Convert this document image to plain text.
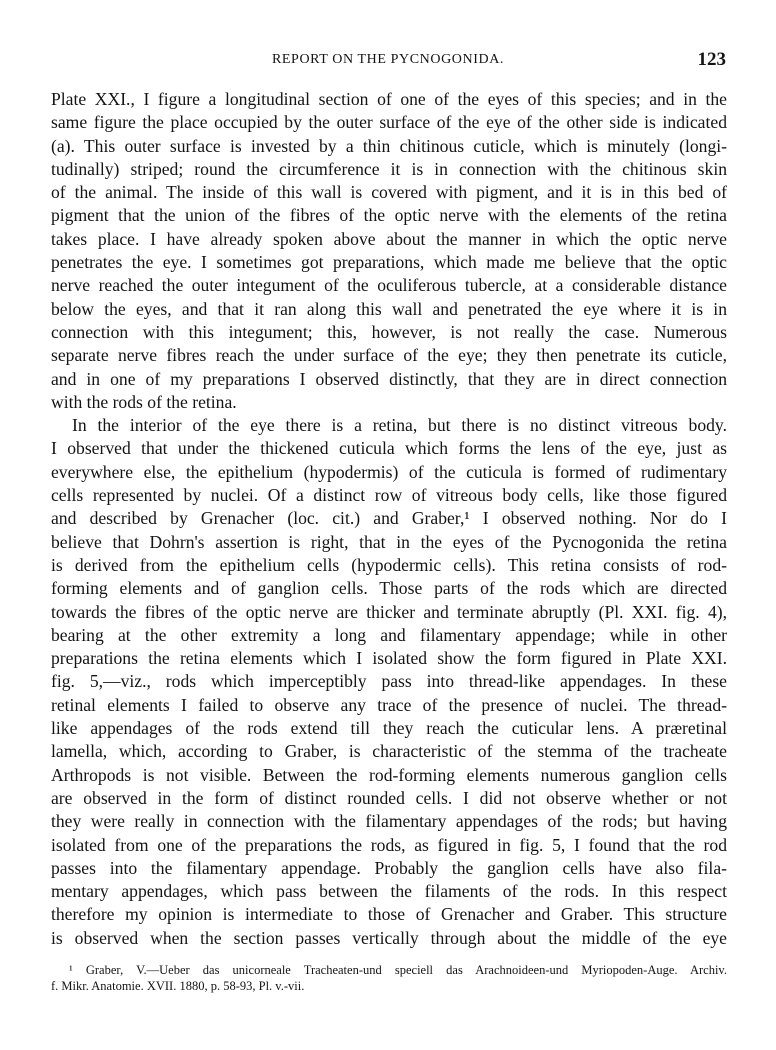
REPORT ON THE PYCNOGONIDA.	123
Plate XXI., I figure a longitudinal section of one of the eyes of this species; and in the
same figure the place occupied by the outer surface of the eye of the other side is indicated
(a). This outer surface is invested by a thin chitinous cuticle, which is minutely (longi-
tudinally) striped; round the circumference it is in connection with the chitinous skin
of the animal. The inside of this wall is covered with pigment, and it is in this bed of
pigment that the union of the fibres of the optic nerve with the elements of the retina
takes place. I have already spoken above about the manner in which the optic nerve
penetrates the eye. I sometimes got preparations, which made me believe that the optic
nerve reached the outer integument of the oculiferous tubercle, at a considerable distance
below the eyes, and that it ran along this wall and penetrated the eye where it is in
connection with this integument; this, however, is not really the case. Numerous
separate nerve fibres reach the under surface of the eye; they then penetrate its cuticle,
and in one of my preparations I observed distinctly, that they are in direct connection
with the rods of the retina.
In the interior of the eye there is a retina, but there is no distinct vitreous body.
I observed that under the thickened cuticula which forms the lens of the eye, just as
everywhere else, the epithelium (hypodermis) of the cuticula is formed of rudimentary
cells represented by nuclei. Of a distinct row of vitreous body cells, like those figured
and described by Grenacher (loc. cit.) and Graber,¹ I observed nothing. Nor do I
believe that Dohrn's assertion is right, that in the eyes of the Pycnogonida the retina
is derived from the epithelium cells (hypodermic cells). This retina consists of rod-
forming elements and of ganglion cells. Those parts of the rods which are directed
towards the fibres of the optic nerve are thicker and terminate abruptly (Pl. XXI. fig. 4),
bearing at the other extremity a long and filamentary appendage; while in other
preparations the retina elements which I isolated show the form figured in Plate XXI.
fig. 5,—viz., rods which imperceptibly pass into thread-like appendages. In these
retinal elements I failed to observe any trace of the presence of nuclei. The thread-
like appendages of the rods extend till they reach the cuticular lens. A præretinal
lamella, which, according to Graber, is characteristic of the stemma of the tracheate
Arthropods is not visible. Between the rod-forming elements numerous ganglion cells
are observed in the form of distinct rounded cells. I did not observe whether or not
they were really in connection with the filamentary appendages of the rods; but having
isolated from one of the preparations the rods, as figured in fig. 5, I found that the rod
passes into the filamentary appendage. Probably the ganglion cells have also fila-
mentary appendages, which pass between the filaments of the rods. In this respect
therefore my opinion is intermediate to those of Grenacher and Graber. This structure
is observed when the section passes vertically through about the middle of the eye
¹ Graber, V.—Ueber das unicorneale Tracheaten-und speciell das Arachnoideen-und Myriopoden-Auge. Archiv.
f. Mikr. Anatomie. XVII. 1880, p. 58-93, Pl. v.-vii.
